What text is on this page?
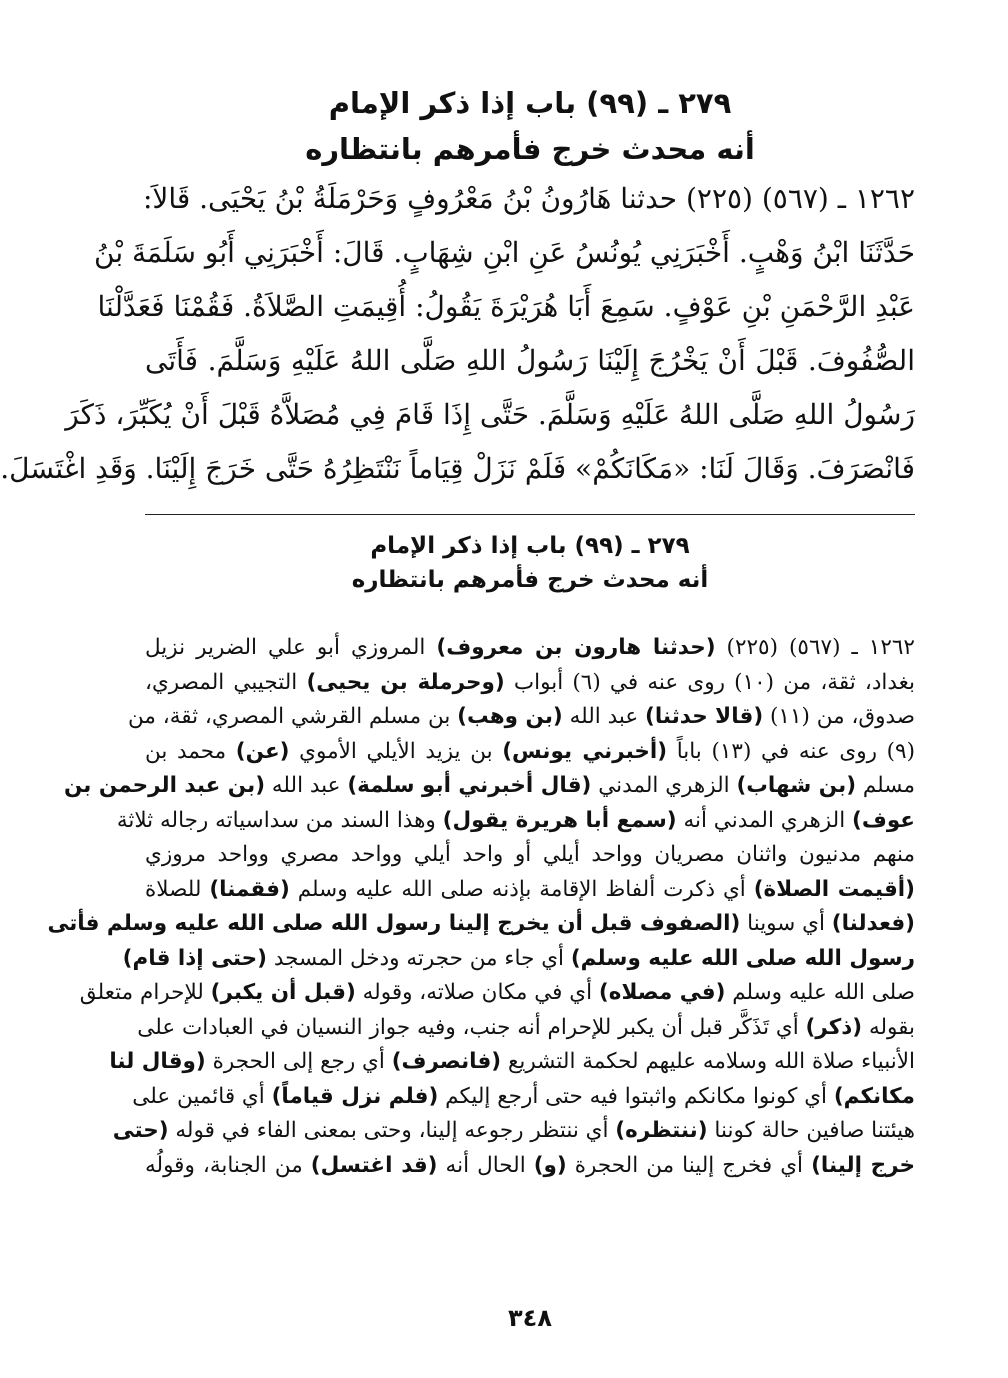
٢٧٩ ـ (٩٩) باب إذا ذكر الإمام
أنه محدث خرج فأمرهم بانتظاره
١٢٦٢ ـ (٥٦٧) (٢٢٥) حدثنا هَارُونُ بْنُ مَعْرُوفٍ وَحَرْمَلَةُ بْنُ يَحْيَى. قَالاَ:
حَدَّثَنَا ابْنُ وَهْبٍ. أَخْبَرَنِي يُونُسُ عَنِ ابْنِ شِهَابٍ. قَالَ: أَخْبَرَنِي أَبُو سَلَمَةَ بْنُ
عَبْدِ الرَّحْمَنِ بْنِ عَوْفٍ. سَمِعَ أَبَا هُرَيْرَةَ يَقُولُ: أُقِيمَتِ الصَّلاَةُ. فَقُمْنَا فَعَدَّلْنَا
الصُّفُوفَ. قَبْلَ أَنْ يَخْرُجَ إِلَيْنَا رَسُولُ اللهِ صَلَّى اللهُ عَلَيْهِ وَسَلَّمَ. فَأَتَى
رَسُولُ اللهِ صَلَّى اللهُ عَلَيْهِ وَسَلَّمَ. حَتَّى إِذَا قَامَ فِي مُصَلاَّهُ قَبْلَ أَنْ يُكَبِّرَ، ذَكَرَ
فَانْصَرَفَ. وَقَالَ لَنَا: «مَكَانَكُمْ» فَلَمْ نَزَلْ قِيَاماً نَنْتَظِرُهُ حَتَّى خَرَجَ إِلَيْنَا. وَقَدِ اغْتَسَلَ.
٢٧٩ ـ (٩٩) باب إذا ذكر الإمام
أنه محدث خرج فأمرهم بانتظاره
١٢٦٢ ـ (٥٦٧) (٢٢٥) (حدثنا هارون بن معروف) المروزي أبو علي الضرير نزيل
بغداد، ثقة، من (١٠) روى عنه في (٦) أبواب (وحرملة بن يحيى) التجيبي المصري،
صدوق، من (١١) (قالا حدثنا) عبد الله (بن وهب) بن مسلم القرشي المصري، ثقة، من
(٩) روى عنه في (١٣) باباً (أخبرني يونس) بن يزيد الأيلي الأموي (عن) محمد بن
مسلم (بن شهاب) الزهري المدني (قال أخبرني أبو سلمة) عبد الله (بن عبد الرحمن بن
عوف) الزهري المدني أنه (سمع أبا هريرة يقول) وهذا السند من سداسياته رجاله ثلاثة
منهم مدنيون واثنان مصريان وواحد أيلي أو واحد أيلي وواحد مصري وواحد مروزي
(أقيمت الصلاة) أي ذكرت ألفاظ الإقامة بإذنه صلى الله عليه وسلم (فقمنا) للصلاة
(فعدلنا) أي سوينا (الصفوف قبل أن يخرج إلينا رسول الله صلى الله عليه وسلم فأتى
رسول الله صلى الله عليه وسلم) أي جاء من حجرته ودخل المسجد (حتى إذا قام)
صلى الله عليه وسلم (في مصلاه) أي في مكان صلاته، وقوله (قبل أن يكبر) للإحرام متعلق
بقوله (ذكر) أي تَذَكَّر قبل أن يكبر للإحرام أنه جنب، وفيه جواز النسيان في العبادات على
الأنبياء صلاة الله وسلامه عليهم لحكمة التشريع (فانصرف) أي رجع إلى الحجرة (وقال لنا
مكانكم) أي كونوا مكانكم واثبتوا فيه حتى أرجع إليكم (فلم نزل قياماً) أي قائمين على
هيئتنا صافين حالة كوننا (ننتظره) أي ننتظر رجوعه إلينا، وحتى بمعنى الفاء في قوله (حتى
خرج إلينا) أي فخرج إلينا من الحجرة (و) الحال أنه (قد اغتسل) من الجنابة، وقولُه
٣٤٨
